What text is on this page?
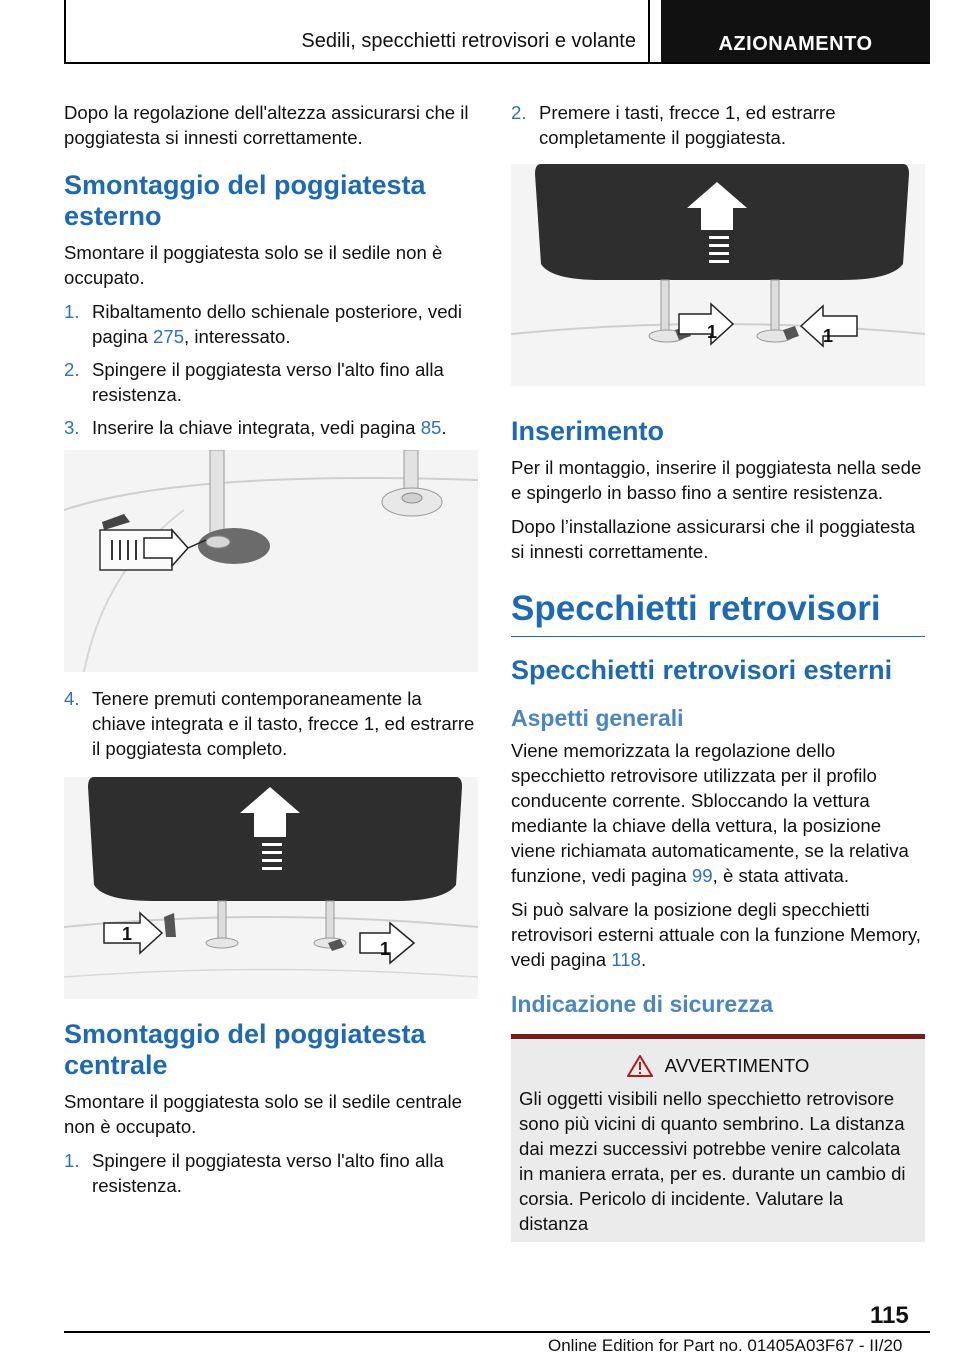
Sedili, specchietti retrovisori e volante	AZIONAMENTO

Dopo la regolazione dell'altezza assicurarsi che il poggiatesta si innesti correttamente.

Smontaggio del poggiatesta esterno

Smontare il poggiatesta solo se il sedile non è occupato.

1. Ribaltamento dello schienale posteriore, vedi pagina 275, interessato.
2. Spingere il poggiatesta verso l'alto fino alla resistenza.
3. Inserire la chiave integrata, vedi pagina 85.
4. Tenere premuti contemporaneamente la chiave integrata e il tasto, frecce 1, ed estrarre il poggiatesta completo.
1
1
Smontaggio del poggiatesta centrale

Smontare il poggiatesta solo se il sedile centrale non è occupato.

1. Spingere il poggiatesta verso l'alto fino alla resistenza.
2. Premere i tasti, frecce 1, ed estrarre completamente il poggiatesta.
1	1
Inserimento

Per il montaggio, inserire il poggiatesta nella sede e spingerlo in basso fino a sentire resistenza.

Dopo l’installazione assicurarsi che il poggiatesta si innesti correttamente.

Specchietti retrovisori
Specchietti retrovisori esterni
Aspetti generali

Viene memorizzata la regolazione dello specchietto retrovisore utilizzata per il profilo conducente corrente. Sbloccando la vettura mediante la chiave della vettura, la posizione viene richiamata automaticamente, se la relativa funzione, vedi pagina 99, è stata attivata.

Si può salvare la posizione degli specchietti retrovisori esterni attuale con la funzione Memory, vedi pagina 118.

Indicazione di sicurezza
AVVERTIMENTO
Gli oggetti visibili nello specchietto retrovisore sono più vicini di quanto sembrino. La distanza dai mezzi successivi potrebbe venire calcolata in maniera errata, per es. durante un cambio di corsia. Pericolo di incidente. Valutare la distanza
115
Online Edition for Part no. 01405A03F67 - II/20
